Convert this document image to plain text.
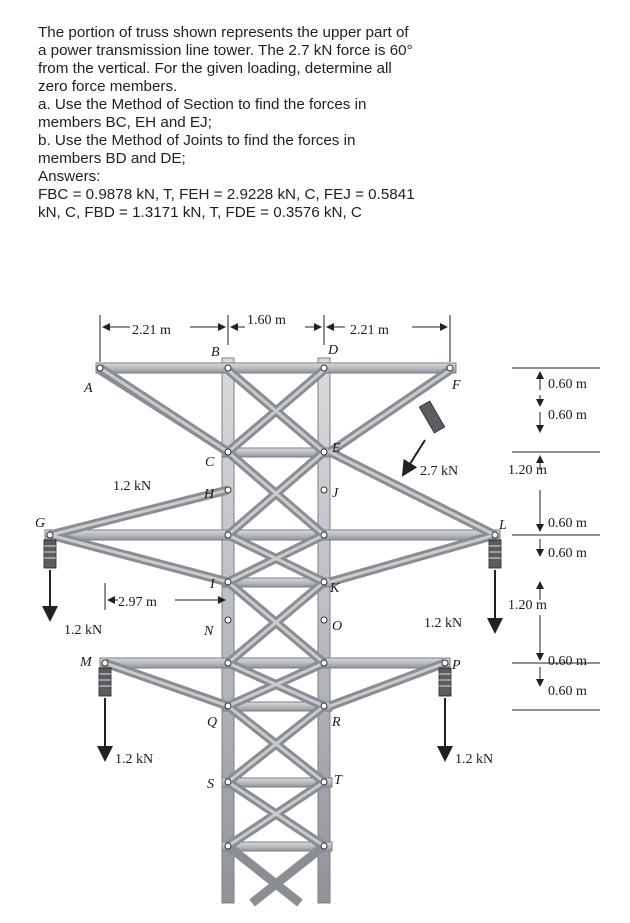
The portion of truss shown represents the upper part of a power transmission line tower. The 2.7 kN force is 60° from the vertical. For the given loading, determine all zero force members.

a. Use the Method of Section to find the forces in members BC, EH and EJ;

b. Use the Method of Joints to find the forces in members BD and DE;

Answers:

FBC = 0.9878 kN, T, FEH = 2.9228 kN, C, FEJ = 0.5841 kN, C, FBD = 1.3171 kN, T, FDE = 0.3576 kN, C

2.21 m
1.60 m
2.21 m
2.97 m
0.60 m
0.60 m
1.20 m
0.60 m
0.60 m
1.20 m
0.60 m
0.60 m
2.7 kN
1.2 kN
1.2 kN
1.2 kN
1.2 kN
1.2 kN
A
B
C
D
E
F
G
H
I
J
K
L
M
N	O
P
Q	R
S	T
